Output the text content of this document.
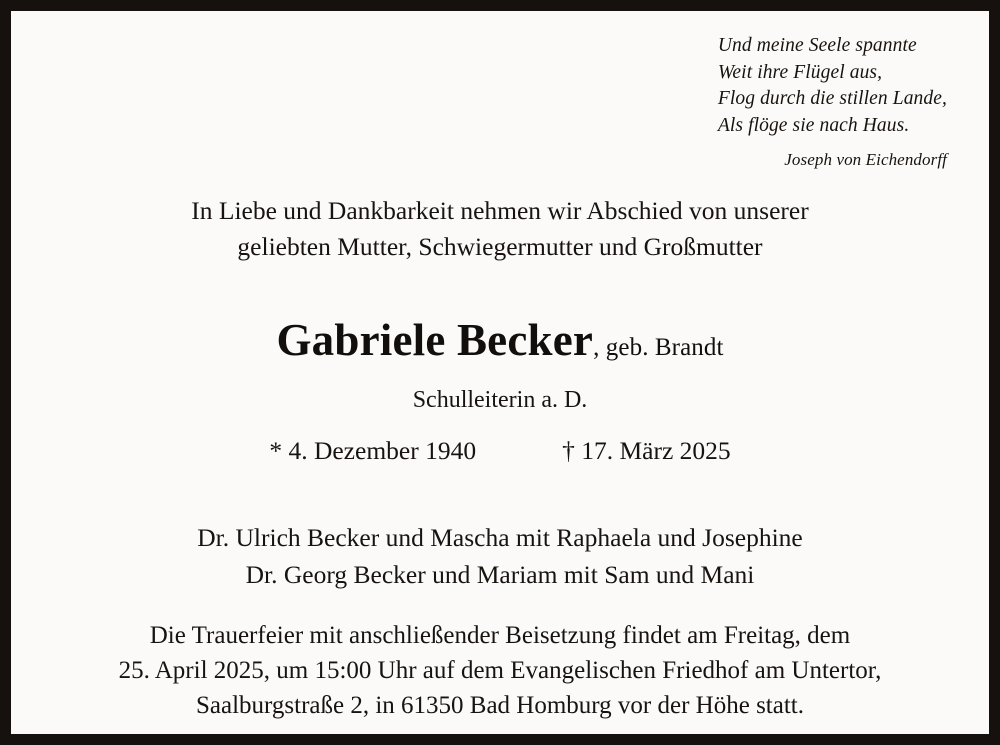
Und meine Seele spannte
Weit ihre Flügel aus,
Flog durch die stillen Lande,
Als flöge sie nach Haus.
Joseph von Eichendorff
In Liebe und Dankbarkeit nehmen wir Abschied von unserer
geliebten Mutter, Schwiegermutter und Großmutter
Gabriele Becker, geb. Brandt
Schulleiterin a. D.
* 4. Dezember 1940	† 17. März 2025
Dr. Ulrich Becker und Mascha mit Raphaela und Josephine
Dr. Georg Becker und Mariam mit Sam und Mani
Die Trauerfeier mit anschließender Beisetzung findet am Freitag, dem
25. April 2025, um 15:00 Uhr auf dem Evangelischen Friedhof am Untertor,
Saalburgstraße 2, in 61350 Bad Homburg vor der Höhe statt.
